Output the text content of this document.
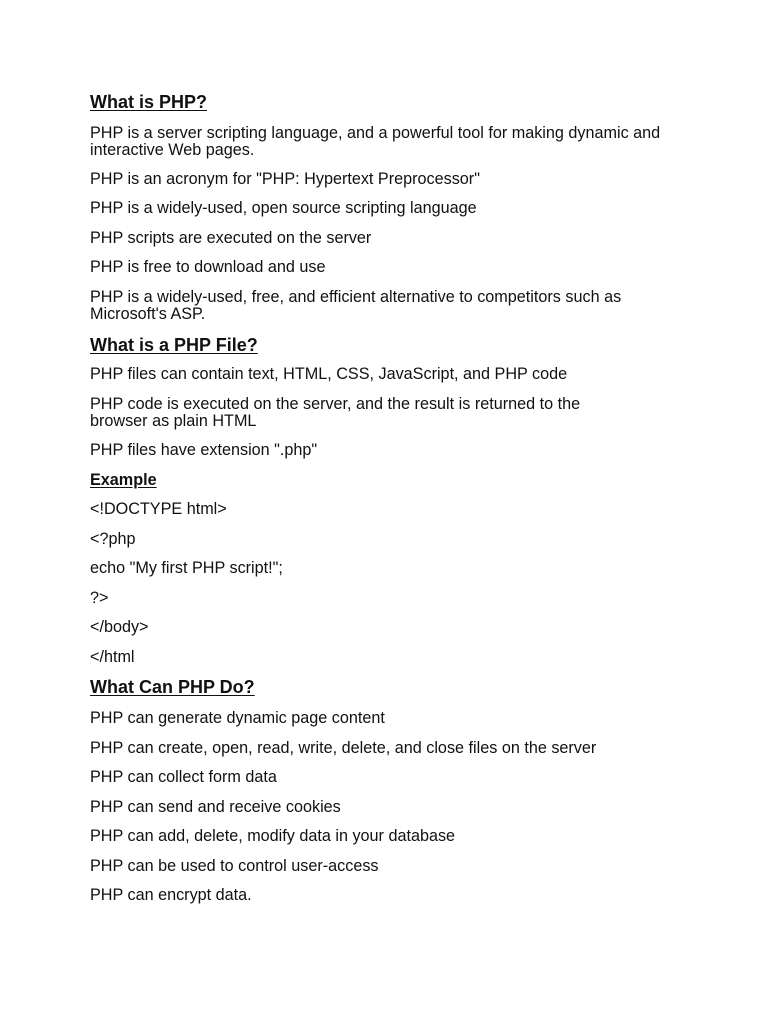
What is PHP?
PHP is a server scripting language, and a powerful tool for making dynamic and interactive Web pages.
PHP is an acronym for "PHP: Hypertext Preprocessor"
PHP is a widely-used, open source scripting language
PHP scripts are executed on the server
PHP is free to download and use
PHP is a widely-used, free, and efficient alternative to competitors such as Microsoft's ASP.
What is a PHP File?
PHP files can contain text, HTML, CSS, JavaScript, and PHP code
PHP code is executed on the server, and the result is returned to the browser as plain HTML
PHP files have extension ".php"
Example
<!DOCTYPE html>
<?php
echo "My first PHP script!";
?>
</body>
</html
What Can PHP Do?
PHP can generate dynamic page content
PHP can create, open, read, write, delete, and close files on the server
PHP can collect form data
PHP can send and receive cookies
PHP can add, delete, modify data in your database
PHP can be used to control user-access
PHP can encrypt data.
